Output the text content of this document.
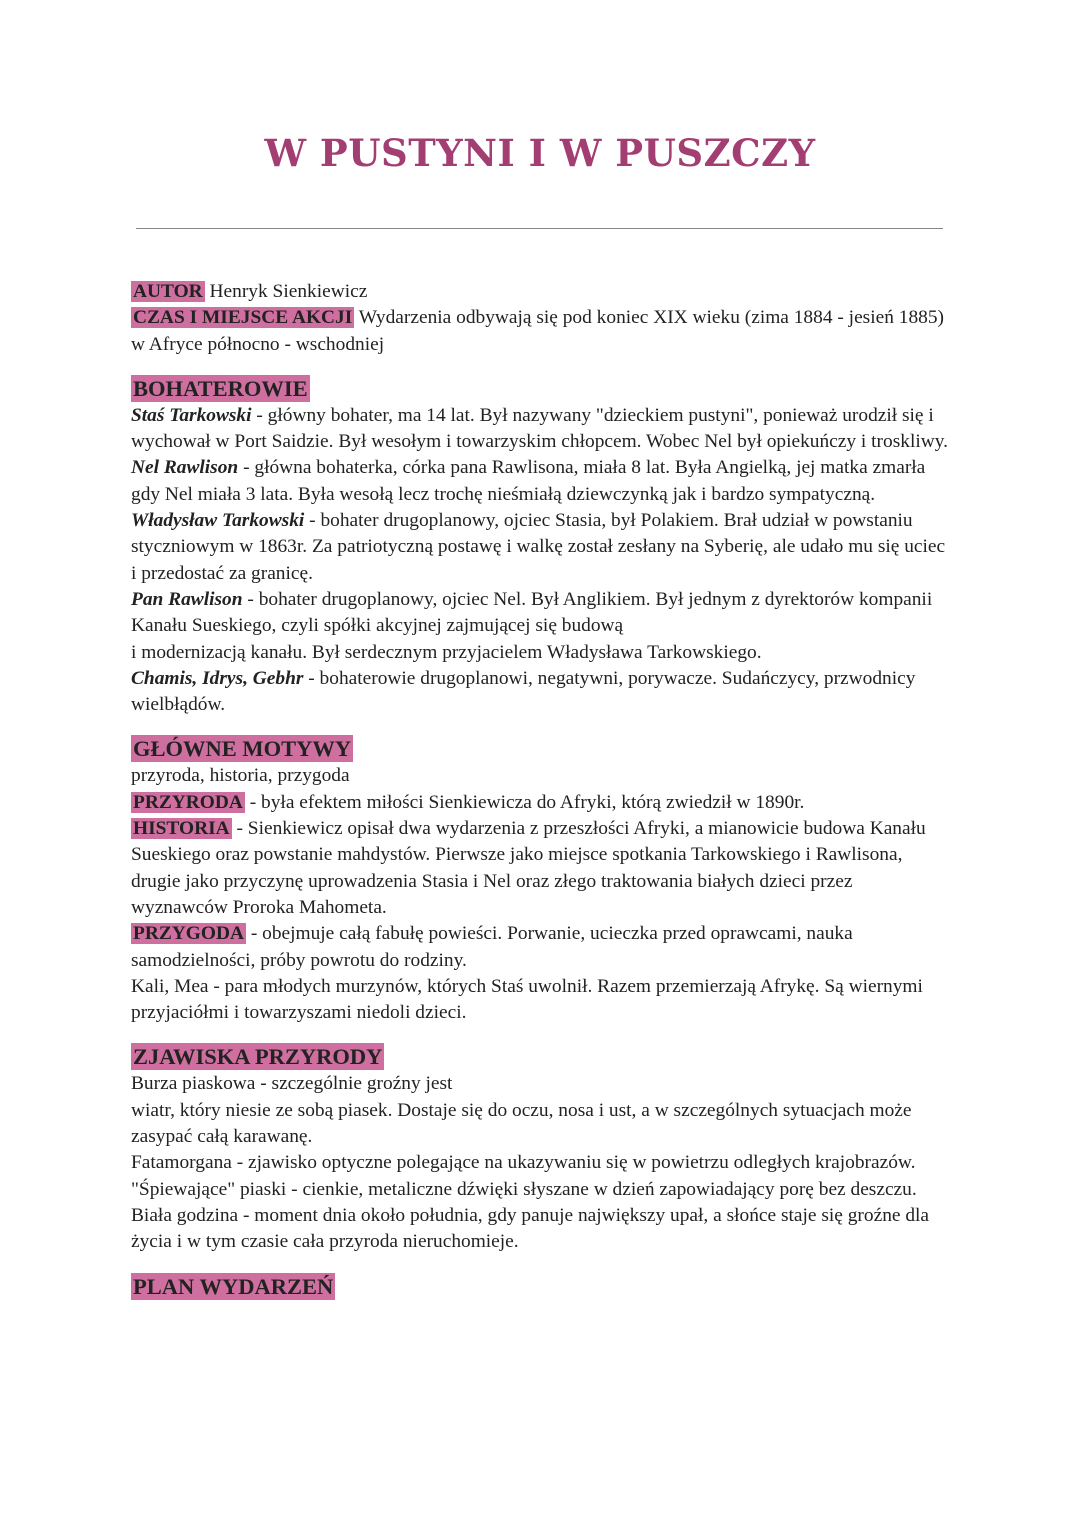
W PUSTYNI I W PUSZCZY

AUTOR Henryk Sienkiewicz

CZAS I MIEJSCE AKCJI Wydarzenia odbywają się pod koniec XIX wieku (zima 1884 - jesień 1885) w Afryce północno - wschodniej

BOHATEROWIE

Staś Tarkowski - główny bohater, ma 14 lat. Był nazywany "dzieckiem pustyni", ponieważ urodził się i wychował w Port Saidzie. Był wesołym i towarzyskim chłopcem. Wobec Nel był opiekuńczy i troskliwy.

Nel Rawlison - główna bohaterka, córka pana Rawlisona, miała 8 lat. Była Angielką, jej matka zmarła gdy Nel miała 3 lata. Była wesołą lecz trochę nieśmiałą dziewczynką jak i bardzo sympatyczną.

Władysław Tarkowski - bohater drugoplanowy, ojciec Stasia, był Polakiem. Brał udział w powstaniu styczniowym w 1863r. Za patriotyczną postawę i walkę został zesłany na Syberię, ale udało mu się uciec i przedostać za granicę.

Pan Rawlison - bohater drugoplanowy, ojciec Nel. Był Anglikiem. Był jednym z dyrektorów kompanii Kanału Sueskiego, czyli spółki akcyjnej zajmującej się budową

i modernizacją kanału. Był serdecznym przyjacielem Władysława Tarkowskiego.

Chamis, Idrys, Gebhr - bohaterowie drugoplanowi, negatywni, porywacze. Sudańczycy, przwodnicy wielbłądów.

GŁÓWNE MOTYWY

przyroda, historia, przygoda

PRZYRODA - była efektem miłości Sienkiewicza do Afryki, którą zwiedził w 1890r.

HISTORIA - Sienkiewicz opisał dwa wydarzenia z przeszłości Afryki, a mianowicie budowa Kanału Sueskiego oraz powstanie mahdystów. Pierwsze jako miejsce spotkania Tarkowskiego i Rawlisona, drugie jako przyczynę uprowadzenia Stasia i Nel oraz złego traktowania białych dzieci przez wyznawców Proroka Mahometa.

PRZYGODA - obejmuje całą fabułę powieści. Porwanie, ucieczka przed oprawcami, nauka samodzielności, próby powrotu do rodziny.

Kali, Mea - para młodych murzynów, których Staś uwolnił. Razem przemierzają Afrykę. Są wiernymi przyjaciółmi i towarzyszami niedoli dzieci.

ZJAWISKA PRZYRODY

Burza piaskowa - szczególnie groźny jest

wiatr, który niesie ze sobą piasek. Dostaje się do oczu, nosa i ust, a w szczególnych sytuacjach może zasypać całą karawanę.

Fatamorgana - zjawisko optyczne polegające na ukazywaniu się w powietrzu odległych krajobrazów.

"Śpiewające" piaski - cienkie, metaliczne dźwięki słyszane w dzień zapowiadający porę bez deszczu.

Biała godzina - moment dnia około południa, gdy panuje największy upał, a słońce staje się groźne dla życia i w tym czasie cała przyroda nieruchomieje.

PLAN WYDARZEŃ
